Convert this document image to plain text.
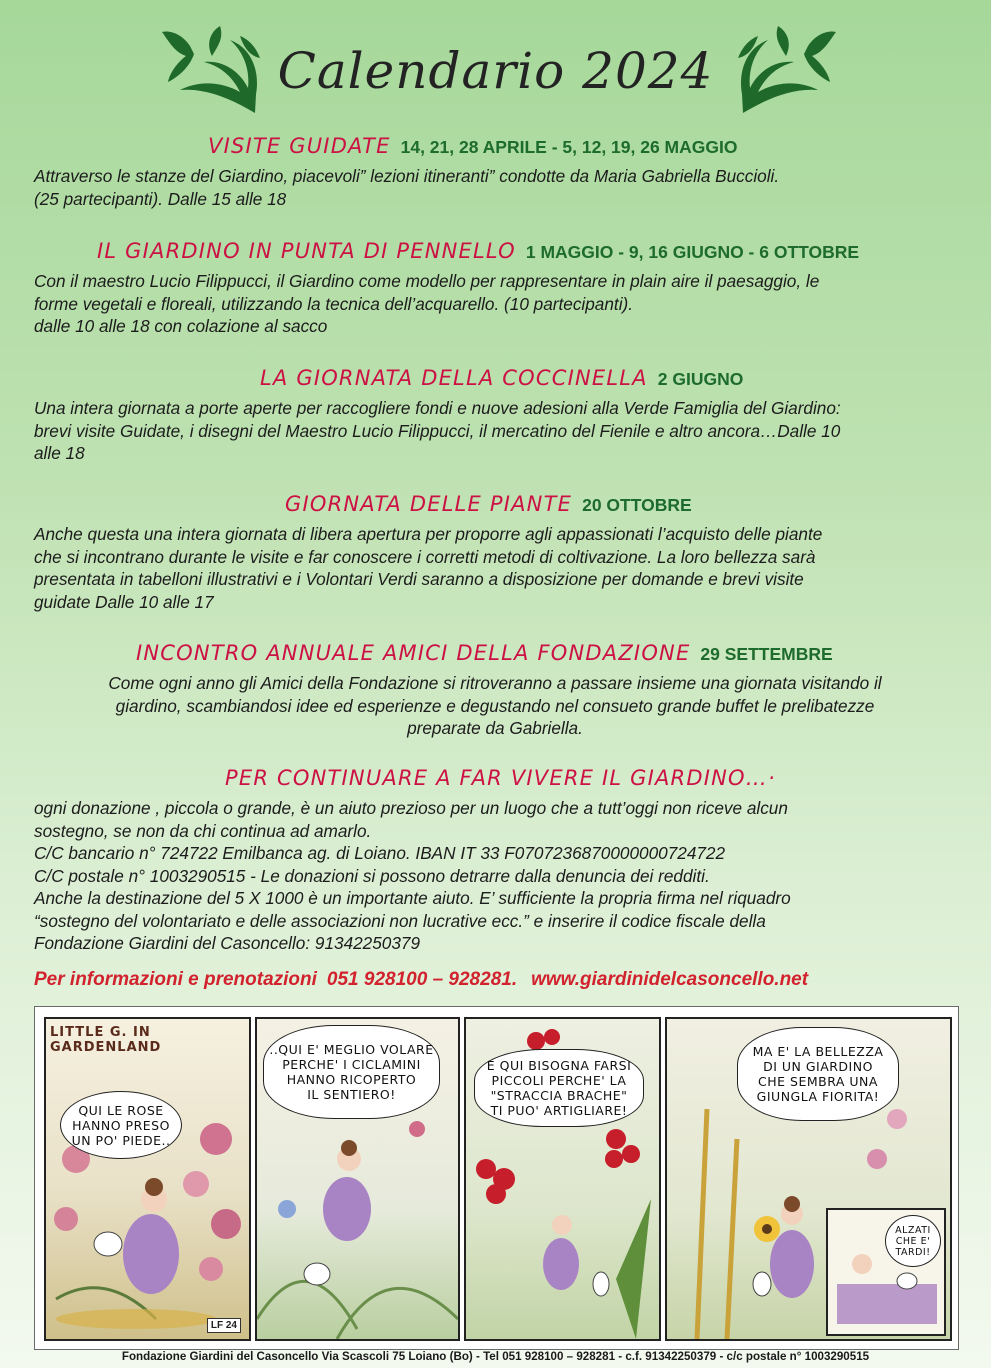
Calendario 2024
VISITE GUIDATE 14, 21, 28 APRILE - 5, 12, 19, 26 MAGGIO

Attraverso le stanze del Giardino, piacevoli” lezioni itineranti” condotte da Maria Gabriella Buccioli.

(25 partecipanti). Dalle 15 alle 18

IL GIARDINO IN PUNTA DI PENNELLO 1 MAGGIO - 9, 16 GIUGNO - 6 OTTOBRE

Con il maestro Lucio Filippucci, il Giardino come modello per rappresentare in plain aire il paesaggio, le

forme vegetali e floreali, utilizzando la tecnica dell’acquarello. (10 partecipanti).

dalle 10 alle 18 con colazione al sacco

LA GIORNATA DELLA COCCINELLA 2 GIUGNO

Una intera giornata a porte aperte per raccogliere fondi e nuove adesioni alla Verde Famiglia del Giardino:

brevi visite Guidate, i disegni del Maestro Lucio Filippucci, il mercatino del Fienile e altro ancora…Dalle 10

alle 18

GIORNATA DELLE PIANTE 20 OTTOBRE

Anche questa una intera giornata di libera apertura per proporre agli appassionati l’acquisto delle piante

che si incontrano durante le visite e far conoscere i corretti metodi di coltivazione. La loro bellezza sarà

presentata in tabelloni illustrativi e i Volontari Verdi saranno a disposizione per domande e brevi visite

guidate Dalle 10 alle 17

INCONTRO ANNUALE AMICI DELLA FONDAZIONE 29 SETTEMBRE

Come ogni anno gli Amici della Fondazione si ritroveranno a passare insieme una giornata visitando il

giardino, scambiandosi idee ed esperienze e degustando nel consueto grande buffet le prelibatezze

preparate da Gabriella.

PER CONTINUARE A FAR VIVERE IL GIARDINO…·

ogni donazione , piccola o grande, è un aiuto prezioso per un luogo che a tutt’oggi non riceve alcun

sostegno, se non da chi continua ad amarlo.

C/C bancario n° 724722 Emilbanca ag. di Loiano. IBAN IT 33 F070723687000000072472​2

C/C postale n° 1003290515 - Le donazioni si possono detrarre dalla denuncia dei redditi.

Anche la destinazione del 5 X 1000 è un importante aiuto. E’ sufficiente la propria firma nel riquadro

“sostegno del volontariato e delle associazioni non lucrative ecc.” e inserire il codice fiscale della

Fondazione Giardini del Casoncello: 91342250379

Per informazioni e prenotazioni 051 928100 – 928281. www.giardinidelcasoncello.net
LITTLE G. IN GARDENLAND
QUI LE ROSE
HANNO PRESO
UN PO' PIEDE..
LF 24
..QUI E' MEGLIO VOLARE
PERCHE' I CICLAMINI
HANNO RICOPERTO
IL SENTIERO!
E QUI BISOGNA FARSI
PICCOLI PERCHE' LA
"STRACCIA BRACHE"
TI PUO' ARTIGLIARE!
MA E' LA BELLEZZA
DI UN GIARDINO
CHE SEMBRA UNA
GIUNGLA FIORITA!
ALZATI
CHE E'
TARDI!
Fondazione Giardini del Casoncello Via Scascoli 75 Loiano (Bo) - Tel 051 928100 – 928281 - c.f. 91342250379 - c/c postale n° 1003290515
